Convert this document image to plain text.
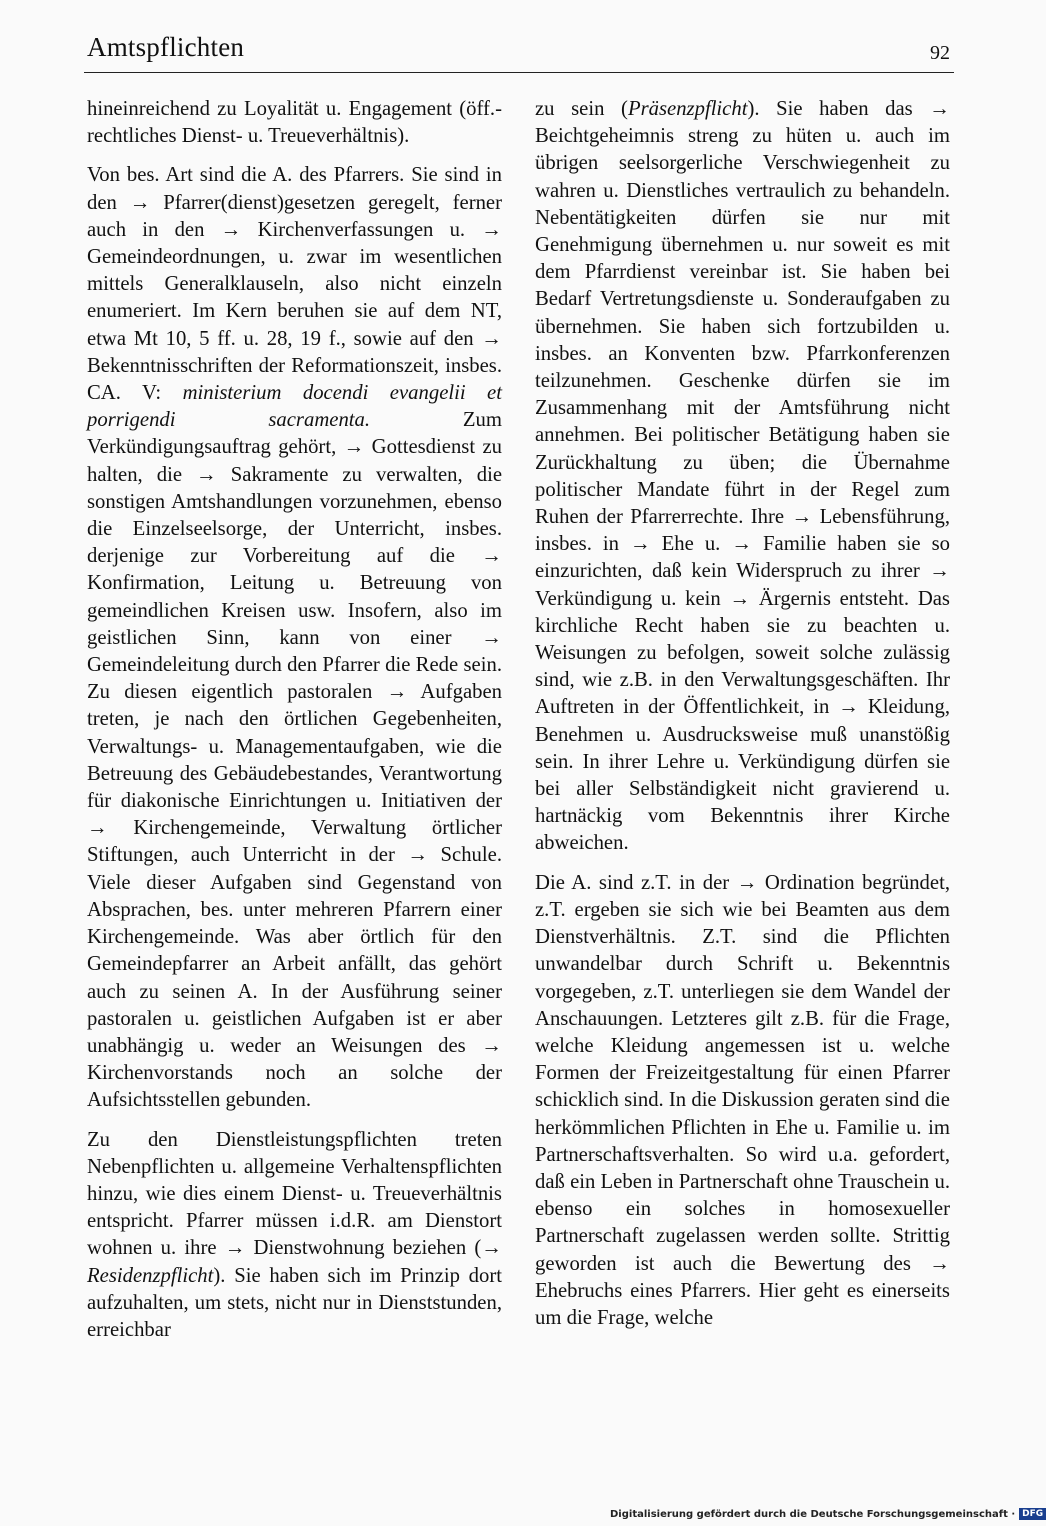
Amtspflichten	92

hineinreichend zu Loyalität u. Engagement (öff.-rechtliches Dienst- u. Treueverhältnis).

Von bes. Art sind die A. des Pfarrers. Sie sind in den → Pfarrer(dienst)gesetzen geregelt, ferner auch in den → Kirchenverfassungen u. → Gemeindeordnungen, u. zwar im wesentlichen mittels Generalklauseln, also nicht einzeln enumeriert. Im Kern beruhen sie auf dem NT, etwa Mt 10, 5 ff. u. 28, 19 f., sowie auf den → Bekenntnisschriften der Reformationszeit, insbes. CA. V: ministerium docendi evangelii et porrigendi sacramenta. Zum Verkündigungsauftrag gehört, → Gottesdienst zu halten, die → Sakramente zu verwalten, die sonstigen Amtshandlungen vorzunehmen, ebenso die Einzelseelsorge, der Unterricht, insbes. derjenige zur Vorbereitung auf die → Konfirmation, Leitung u. Betreuung von gemeindlichen Kreisen usw. Insofern, also im geistlichen Sinn, kann von einer → Gemeindeleitung durch den Pfarrer die Rede sein. Zu diesen eigentlich pastoralen → Aufgaben treten, je nach den örtlichen Gegebenheiten, Verwaltungs- u. Managementaufgaben, wie die Betreuung des Gebäudebestandes, Verantwortung für diakonische Einrichtungen u. Initiativen der → Kirchengemeinde, Verwaltung örtlicher Stiftungen, auch Unterricht in der → Schule. Viele dieser Aufgaben sind Gegenstand von Absprachen, bes. unter mehreren Pfarrern einer Kirchengemeinde. Was aber örtlich für den Gemeindepfarrer an Arbeit anfällt, das gehört auch zu seinen A. In der Ausführung seiner pastoralen u. geistlichen Aufgaben ist er aber unabhängig u. weder an Weisungen des → Kirchenvorstands noch an solche der Aufsichtsstellen gebunden.

Zu den Dienstleistungspflichten treten Nebenpflichten u. allgemeine Verhaltenspflichten hinzu, wie dies einem Dienst- u. Treueverhältnis entspricht. Pfarrer müssen i.d.R. am Dienstort wohnen u. ihre → Dienstwohnung beziehen (→ Residenzpflicht). Sie haben sich im Prinzip dort aufzuhalten, um stets, nicht nur in Dienststunden, erreichbar

zu sein (Präsenzpflicht). Sie haben das → Beichtgeheimnis streng zu hüten u. auch im übrigen seelsorgerliche Verschwiegenheit zu wahren u. Dienstliches vertraulich zu behandeln. Nebentätigkeiten dürfen sie nur mit Genehmigung übernehmen u. nur soweit es mit dem Pfarrdienst vereinbar ist. Sie haben bei Bedarf Vertretungsdienste u. Sonderaufgaben zu übernehmen. Sie haben sich fortzubilden u. insbes. an Konventen bzw. Pfarrkonferenzen teilzunehmen. Geschenke dürfen sie im Zusammenhang mit der Amtsführung nicht annehmen. Bei politischer Betätigung haben sie Zurückhaltung zu üben; die Übernahme politischer Mandate führt in der Regel zum Ruhen der Pfarrerrechte. Ihre → Lebensführung, insbes. in → Ehe u. → Familie haben sie so einzurichten, daß kein Widerspruch zu ihrer → Verkündigung u. kein → Ärgernis entsteht. Das kirchliche Recht haben sie zu beachten u. Weisungen zu befolgen, soweit solche zulässig sind, wie z.B. in den Verwaltungsgeschäften. Ihr Auftreten in der Öffentlichkeit, in → Kleidung, Benehmen u. Ausdrucksweise muß unanstößig sein. In ihrer Lehre u. Verkündigung dürfen sie bei aller Selbständigkeit nicht gravierend u. hartnäckig vom Bekenntnis ihrer Kirche abweichen.

Die A. sind z.T. in der → Ordination begründet, z.T. ergeben sie sich wie bei Beamten aus dem Dienstverhältnis. Z.T. sind die Pflichten unwandelbar durch Schrift u. Bekenntnis vorgegeben, z.T. unterliegen sie dem Wandel der Anschauungen. Letzteres gilt z.B. für die Frage, welche Kleidung angemessen ist u. welche Formen der Freizeitgestaltung für einen Pfarrer schicklich sind. In die Diskussion geraten sind die herkömmlichen Pflichten in Ehe u. Familie u. im Partnerschaftsverhalten. So wird u.a. gefordert, daß ein Leben in Partnerschaft ohne Trauschein u. ebenso ein solches in homosexueller Partnerschaft zugelassen werden sollte. Strittig geworden ist auch die Bewertung des → Ehebruchs eines Pfarrers. Hier geht es einerseits um die Frage, welche

Digitalisierung gefördert durch die Deutsche Forschungsgemeinschaft · DFG
